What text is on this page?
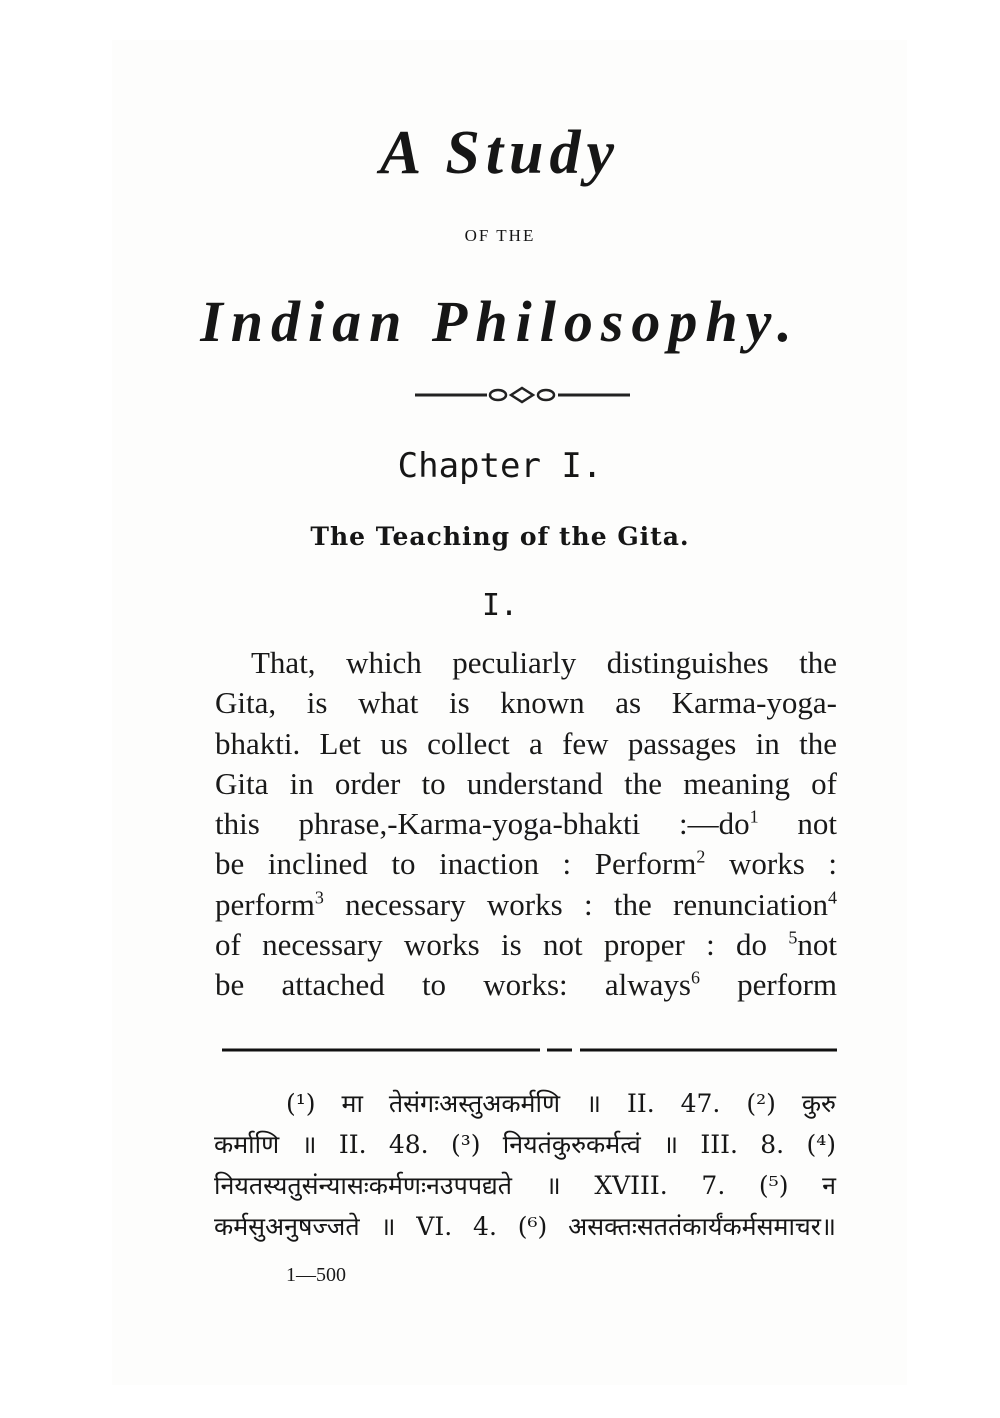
A Study
OF THE
Indian Philosophy.
Chapter I.
The Teaching of the Gita.
I.
That, which peculiarly distinguishes the
Gita, is what is known as Karma-yoga-
bhakti. Let us collect a few passages in the
Gita in order to understand the meaning of
this phrase,-Karma-yoga-bhakti $:—do^1$ not
be inclined to inaction : Perform$^2$ works :
perform$^3$ necessary works : the renunciation$^4$
of necessary works is not proper : do $^5$not
be attached to works: always$^6$ perform
(¹) मा तेसंगःअस्तुअकर्मणि ॥ II. 47. (²) कुरु
कर्माणि ॥ II. 48. (³) नियतंकुरुकर्मत्वं ॥ III. 8. (⁴)
नियतस्यतुसंन्यासःकर्मणःनउपपद्यते ॥ XVIII. 7. (⁵) न
कर्मसुअनुषज्जते ॥ VI. 4. (⁶) असक्तःसततंकार्यंकर्मसमाचर॥
1—500
